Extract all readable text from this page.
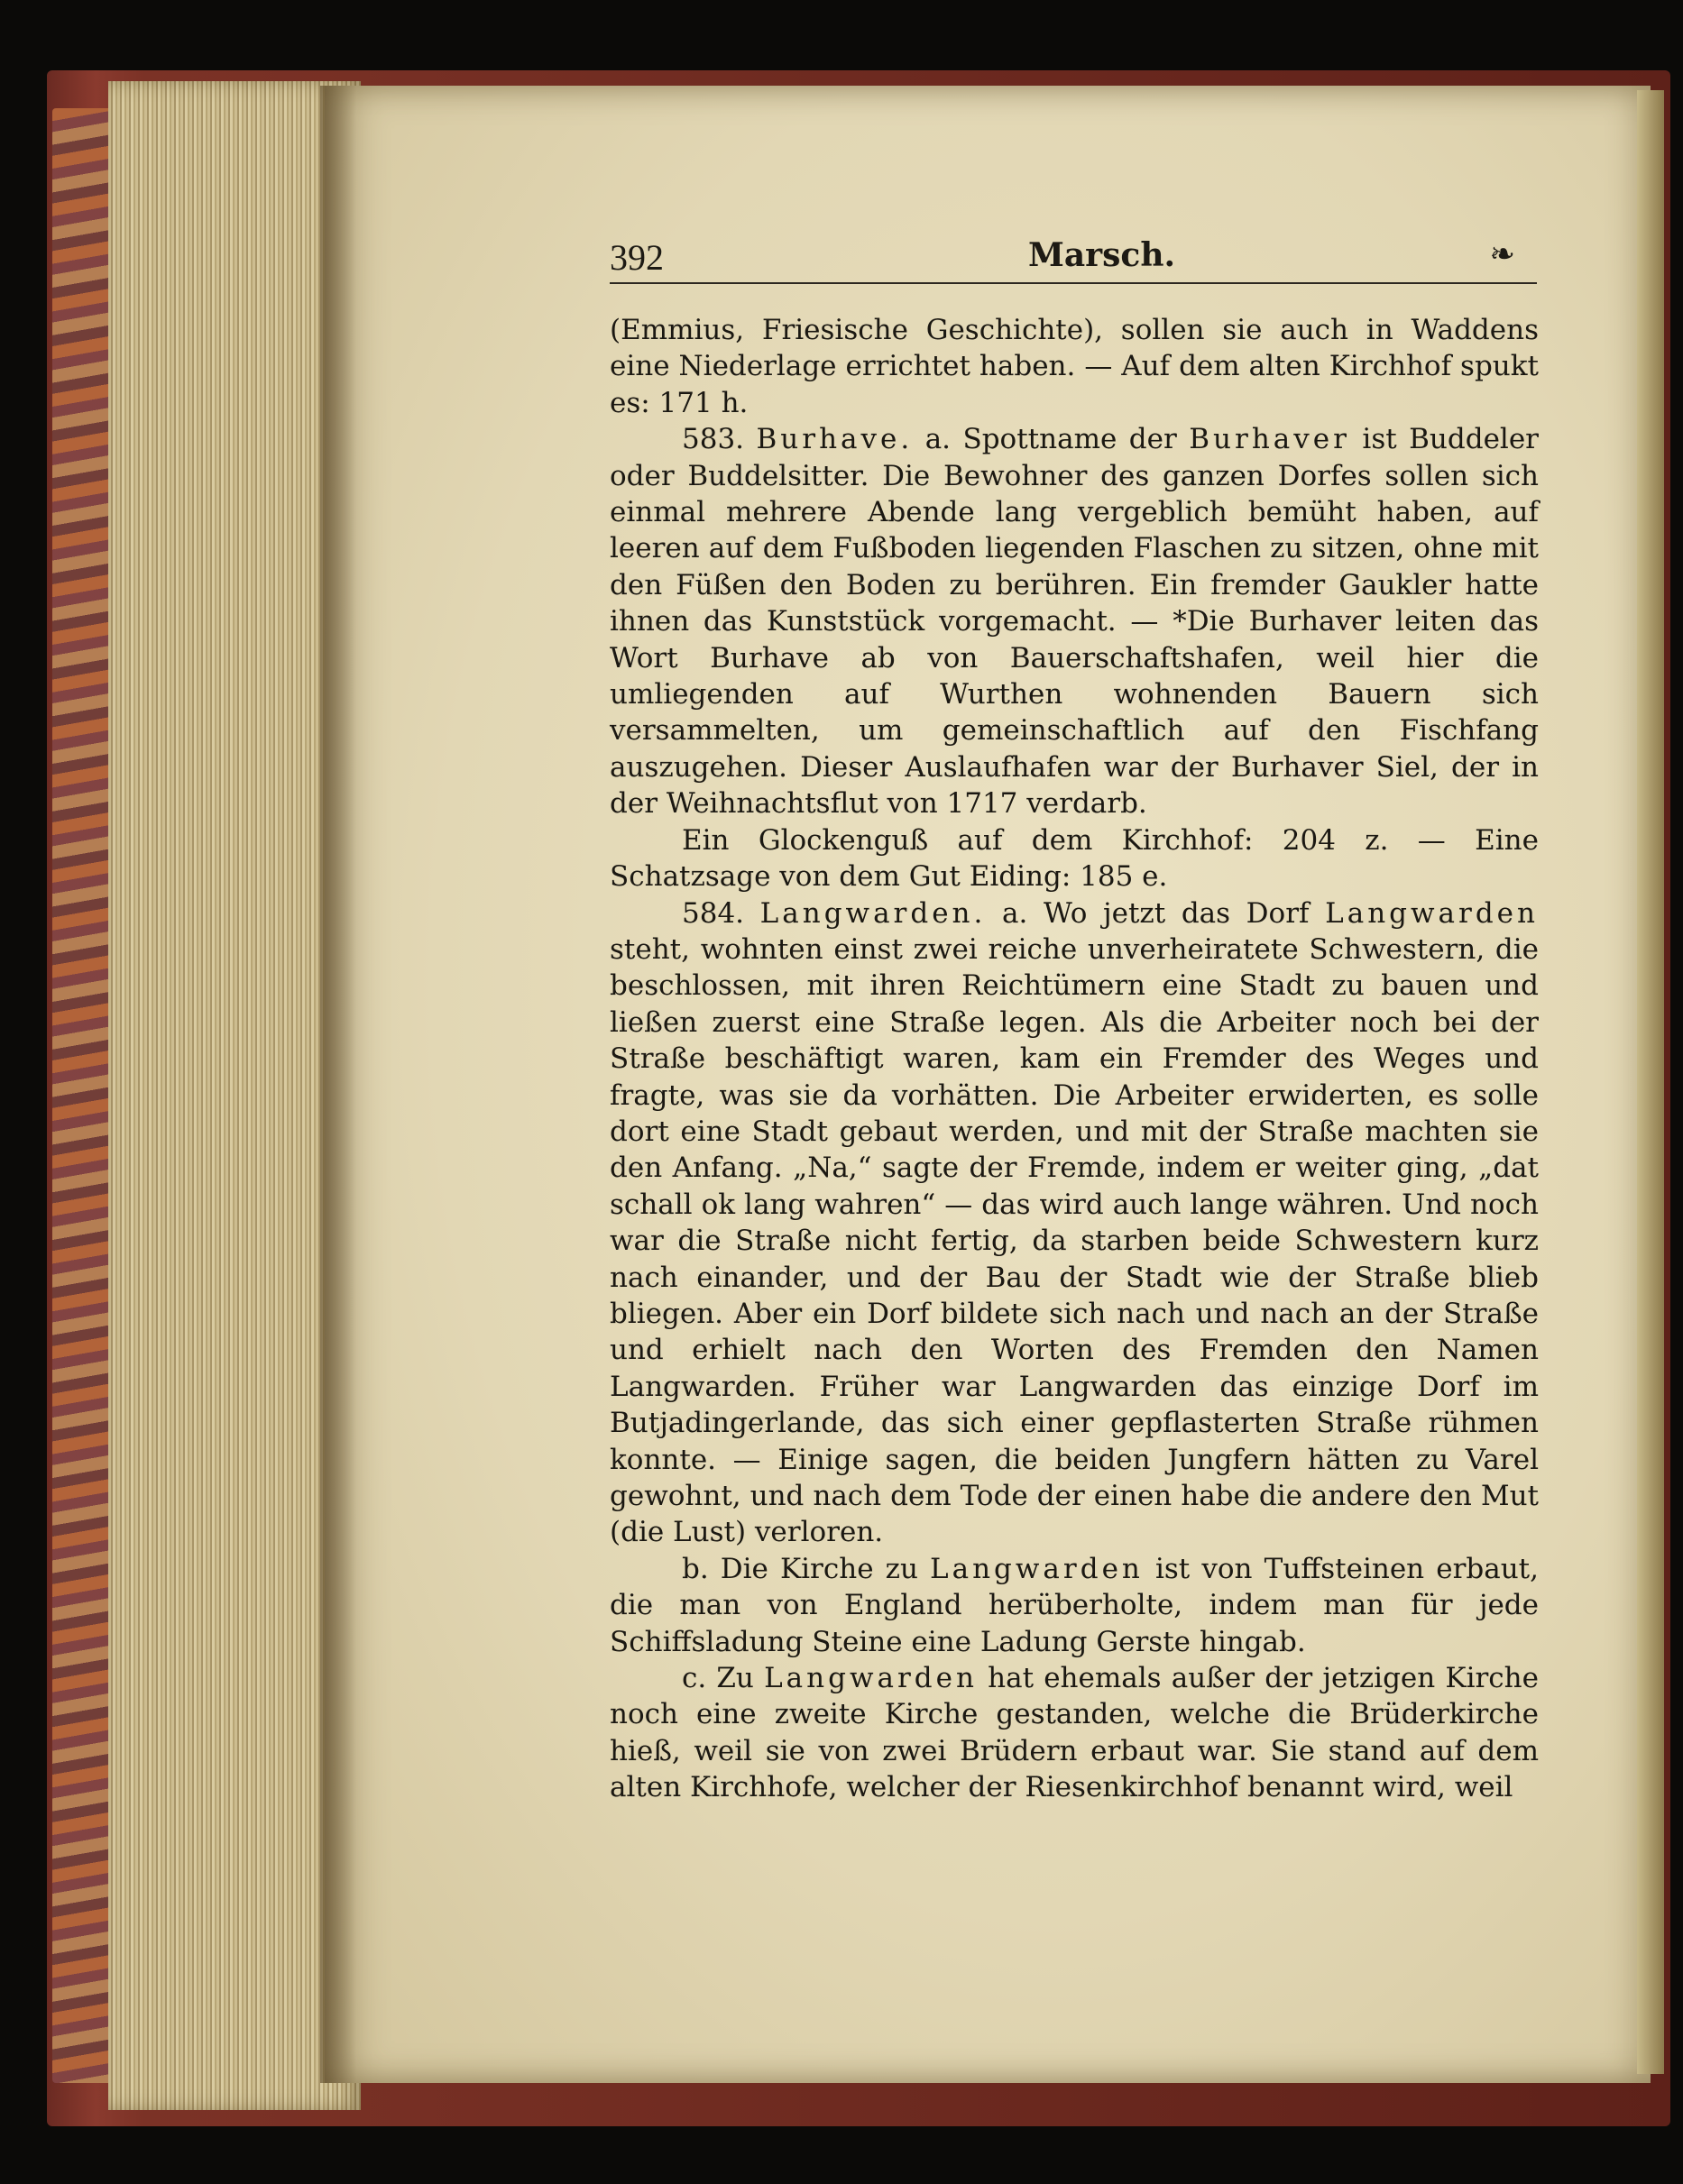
392	Marsch.	❧

(Emmius, Friesische Geschichte), sollen sie auch in Waddens eine Niederlage errichtet haben. — Auf dem alten Kirchhof spukt es: 171 h.

583. Burhave. a. Spottname der Burhaver ist Buddeler oder Buddelsitter. Die Bewohner des ganzen Dorfes sollen sich einmal mehrere Abende lang vergeblich bemüht haben, auf leeren auf dem Fußboden liegenden Flaschen zu sitzen, ohne mit den Füßen den Boden zu berühren. Ein fremder Gaukler hatte ihnen das Kunststück vorgemacht. — *Die Burhaver leiten das Wort Burhave ab von Bauerschaftshafen, weil hier die umliegenden auf Wurthen wohnenden Bauern sich versammelten, um gemeinschaftlich auf den Fischfang auszugehen. Dieser Auslaufhafen war der Burhaver Siel, der in der Weihnachtsflut von 1717 verdarb.

Ein Glockenguß auf dem Kirchhof: 204 z. — Eine Schatzsage von dem Gut Eiding: 185 e.

584. Langwarden. a. Wo jetzt das Dorf Langwarden steht, wohnten einst zwei reiche unverheiratete Schwestern, die beschlossen, mit ihren Reichtümern eine Stadt zu bauen und ließen zuerst eine Straße legen. Als die Arbeiter noch bei der Straße beschäftigt waren, kam ein Fremder des Weges und fragte, was sie da vorhätten. Die Arbeiter erwiderten, es solle dort eine Stadt gebaut werden, und mit der Straße machten sie den Anfang. „Na,“ sagte der Fremde, indem er weiter ging, „dat schall ok lang wahren“ — das wird auch lange währen. Und noch war die Straße nicht fertig, da starben beide Schwestern kurz nach einander, und der Bau der Stadt wie der Straße blieb bliegen. Aber ein Dorf bildete sich nach und nach an der Straße und erhielt nach den Worten des Fremden den Namen Langwarden. Früher war Langwarden das einzige Dorf im Butjadingerlande, das sich einer gepflasterten Straße rühmen konnte. — Einige sagen, die beiden Jungfern hätten zu Varel gewohnt, und nach dem Tode der einen habe die andere den Mut (die Lust) verloren.

b. Die Kirche zu Langwarden ist von Tuffsteinen erbaut, die man von England herüberholte, indem man für jede Schiffsladung Steine eine Ladung Gerste hingab.

c. Zu Langwarden hat ehemals außer der jetzigen Kirche noch eine zweite Kirche gestanden, welche die Brüderkirche hieß, weil sie von zwei Brüdern erbaut war. Sie stand auf dem alten Kirchhofe, welcher der Riesenkirchhof benannt wird, weil
